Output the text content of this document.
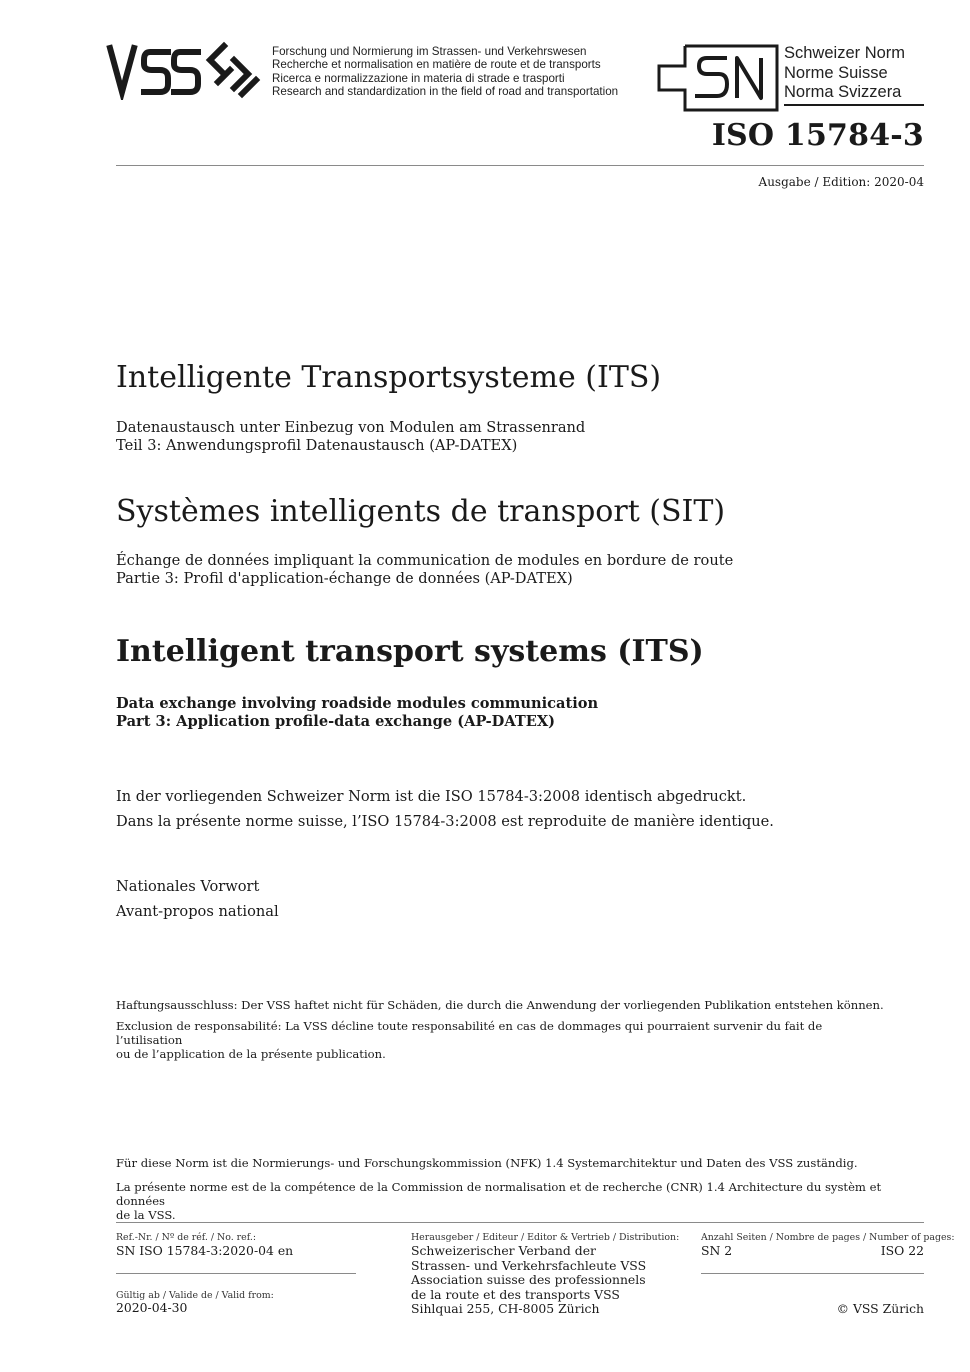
Forschung und Normierung im Strassen- und Verkehrswesen
Recherche et normalisation en matière de route et de transports
Ricerca e normalizzazione in materia di strade e trasporti
Research and standardization in the field of road and transportation
Schweizer Norm
Norme Suisse
Norma Svizzera
ISO 15784-3
Ausgabe / Edition: 2020-04
Intelligente Transportsysteme (ITS)
Datenaustausch unter Einbezug von Modulen am Strassenrand
Teil 3: Anwendungsprofil Datenaustausch (AP-DATEX)
Systèmes intelligents de transport (SIT)
Échange de données impliquant la communication de modules en bordure de route
Partie 3: Profil d'application-échange de données (AP-DATEX)
Intelligent transport systems (ITS)
Data exchange involving roadside modules communication
Part 3: Application profile-data exchange (AP-DATEX)
In der vorliegenden Schweizer Norm ist die ISO 15784-3:2008 identisch abgedruckt.
Dans la présente norme suisse, l’ISO 15784-3:2008 est reproduite de manière identique.
Nationales Vorwort
Avant-propos national
Haftungsausschluss: Der VSS haftet nicht für Schäden, die durch die Anwendung der vorliegenden Publikation entstehen können.
Exclusion de responsabilité: La VSS décline toute responsabilité en cas de dommages qui pourraient survenir du fait de l’utilisation
ou de l’application de la présente publication.
Für diese Norm ist die Normierungs- und Forschungskommission (NFK) 1.4 Systemarchitektur und Daten des VSS zuständig.
La présente norme est de la compétence de la Commission de normalisation et de recherche (CNR) 1.4 Architecture du systèm et données
de la VSS.
Ref.-Nr. / Nº de réf. / No. ref.:
SN ISO 15784-3:2020-04 en
Gültig ab / Valide de / Valid from:
2020-04-30
Herausgeber / Editeur / Editor & Vertrieb / Distribution:
Schweizerischer Verband der
Strassen- und Verkehrsfachleute VSS
Association suisse des professionnels
de la route et des transports VSS
Sihlquai 255, CH-8005 Zürich
Anzahl Seiten / Nombre de pages / Number of pages:
SN 2	ISO 22
© VSS Zürich
